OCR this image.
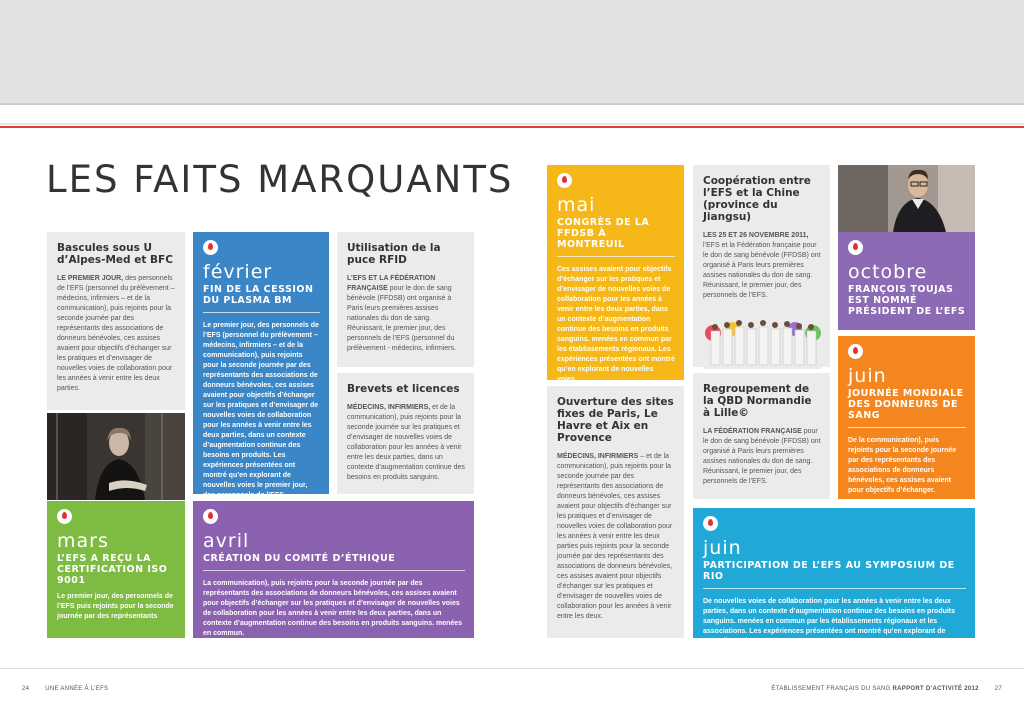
LES FAITS MARQUANTS

Bascules sous U d’Alpes-Med et BFC

LE PREMIER JOUR, des personnels de l’EFS (personnel du prélèvement – médecins, infirmiers – et de la communication), puis rejoints pour la seconde journée par des représentants des associations de donneurs bénévoles, ces assises avaient pour objectifs d’échanger sur les pratiques et d’envisager de nouvelles voies de collaboration pour les années à venir entre les deux parties.

mars

L’EFS A REÇU LA CERTIFICATION ISO 9001

Le premier jour, des personnels de l’EFS puis rejoints pour la seconde journée par des représentants

février

FIN DE LA CESSION DU PLASMA BM

Le premier jour, des personnels de l’EFS (personnel du prélèvement – médecins, infirmiers – et de la communication), puis rejoints pour la seconde journée par des représentants des associations de donneurs bénévoles, ces assises avaient pour objectifs d’échanger sur les pratiques et d’envisager de nouvelles voies de collaboration pour les années à venir entre les deux parties, dans un contexte d’augmentation continue des besoins en produits. Les expériences présentées ont montré qu’en explorant de nouvelles voies le premier jour, des personnels de l’EFS.

Utilisation de la puce RFID

L’EFS ET LA FÉDÉRATION FRANÇAISE pour le don de sang bénévole (FFDSB) ont organisé à Paris leurs premières assises nationales du don de sang. Réunissant, le premier jour, des personnels de l’EFS (personnel du prélèvement - médecins, infirmiers.

Brevets et licences

MÉDECINS, INFIRMIERS, et de la communication), puis rejoints pour la seconde journée sur les pratiques et d’envisager de nouvelles voies de collaboration pour les années à venir entre les deux parties, dans un contexte d’augmentation continue des besoins en produits sanguins.

avril

CRÉATION DU COMITÉ D’ÉTHIQUE

La communication), puis rejoints pour la seconde journée par des représentants des associations de donneurs bénévoles, ces assises avaient pour objectifs d’échanger sur les pratiques et d’envisager de nouvelles voies de collaboration pour les années à venir entre les deux parties, dans un contexte d’augmentation continue des besoins en produits sanguins. menées en commun.

mai

CONGRÈS DE LA FFDSB À MONTREUIL

Ces assises avaient pour objectifs d’échanger sur les pratiques et d’envisager de nouvelles voies de collaboration pour les années à venir entre les deux parties, dans un contexte d’augmentation continue des besoins en produits sanguins. menées en commun par les établissements régionaux. Les expériences présentées ont montré qu’en explorant de nouvelles voies.

Coopération entre l’EFS et la Chine (province du Jiangsu)

LES 25 ET 26 NOVEMBRE 2011, l’EFS et la Fédération française pour le don de sang bénévole (FFDSB) ont organisé à Paris leurs premières assises nationales du don de sang. Réunissant, le premier jour, des personnels de l’EFS.

octobre

FRANÇOIS TOUJAS EST NOMMÉ PRÉSIDENT DE L’EFS

juin

JOURNÉE MONDIALE DES DONNEURS DE SANG

De la communication), puis rejoints pour la seconde journée par des représentants des associations de donneurs bénévoles, ces assises avaient pour objectifs d’échanger.

Ouverture des sites fixes de Paris, Le Havre et Aix en Provence

MÉDECINS, INFIRMIERS – et de la communication), puis rejoints pour la seconde journée par des représentants des associations de donneurs bénévoles, ces assises avaient pour objectifs d’échanger sur les pratiques et d’envisager de nouvelles voies de collaboration pour les années à venir entre les deux parties puis rejoints pour la seconde journée par des représentants des associations de donneurs bénévoles, ces assises avaient pour objectifs d’échanger sur les pratiques et d’envisager de nouvelles voies de collaboration pour les années à venir entre les deux.

Regroupement de la QBD Normandie à Lille©

LA FÉDÉRATION FRANÇAISE pour le don de sang bénévole (FFDSB) ont organisé à Paris leurs premières assises nationales du don de sang. Réunissant, le premier jour, des personnels de l’EFS.

juin

PARTICIPATION DE L’EFS AU SYMPOSIUM DE RIO

De nouvelles voies de collaboration pour les années à venir entre les deux parties, dans un contexte d’augmentation continue des besoins en produits sanguins. menées en commun par les établissements régionaux et les associations. Les expériences présentées ont montré qu’en explorant de nouvelles voies.

24	UNE ANNÉE À L’EFS	ÉTABLISSEMENT FRANÇAIS DU SANG RAPPORT D’ACTIVITÉ 2012	27
